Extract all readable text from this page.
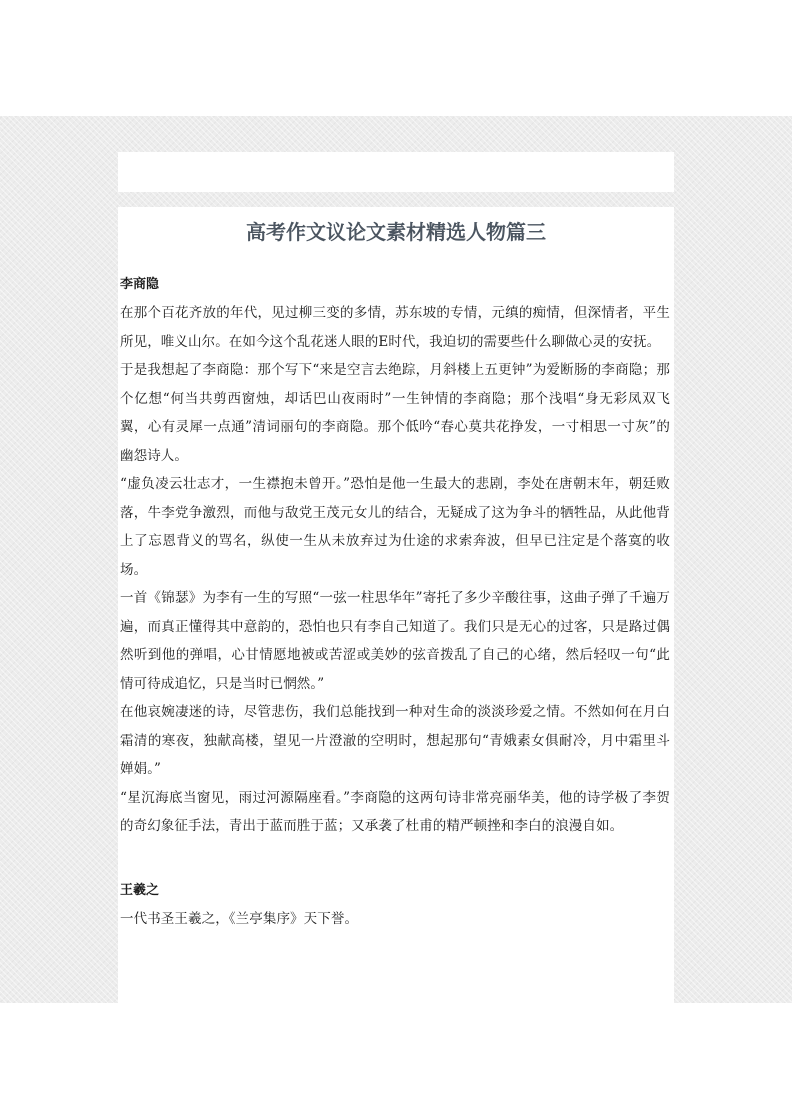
高考作文议论文素材精选人物篇三
李商隐

在那个百花齐放的年代，见过柳三变的多情，苏东坡的专情，元缜的痴情，但深情者，平生所见，唯义山尔。在如今这个乱花迷人眼的E时代，我迫切的需要些什么聊做心灵的安抚。

于是我想起了李商隐：那个写下“来是空言去绝踪，月斜楼上五更钟”为爱断肠的李商隐；那个亿想“何当共剪西窗烛，却话巴山夜雨时”一生钟情的李商隐；那个浅唱“身无彩凤双飞翼，心有灵犀一点通”清词丽句的李商隐。那个低吟“春心莫共花挣发，一寸相思一寸灰”的幽怨诗人。

“虚负凌云壮志才，一生襟抱未曾开。”恐怕是他一生最大的悲剧，李处在唐朝末年，朝廷败落，牛李党争激烈，而他与敌党王茂元女儿的结合，无疑成了这为争斗的牺牲品，从此他背上了忘恩背义的骂名，纵使一生从未放弃过为仕途的求索奔波，但早已注定是个落寞的收场。

一首《锦瑟》为李有一生的写照“一弦一柱思华年”寄托了多少辛酸往事，这曲子弹了千遍万遍，而真正懂得其中意韵的，恐怕也只有李自己知道了。我们只是无心的过客，只是路过偶然听到他的弹唱，心甘情愿地被或苦涩或美妙的弦音拨乱了自己的心绪，然后轻叹一句“此情可待成追忆，只是当时已惘然。”

在他哀婉凄迷的诗，尽管悲伤，我们总能找到一种对生命的淡淡珍爱之情。不然如何在月白霜清的寒夜，独献高楼，望见一片澄澈的空明时，想起那句“青娥素女俱耐冷，月中霜里斗婵娟。”

“星沉海底当窗见，雨过河源隔座看。”李商隐的这两句诗非常亮丽华美，他的诗学极了李贺的奇幻象征手法，青出于蓝而胜于蓝；又承袭了杜甫的精严顿挫和李白的浪漫自如。

王羲之

一代书圣王羲之，《兰亭集序》天下誉。
